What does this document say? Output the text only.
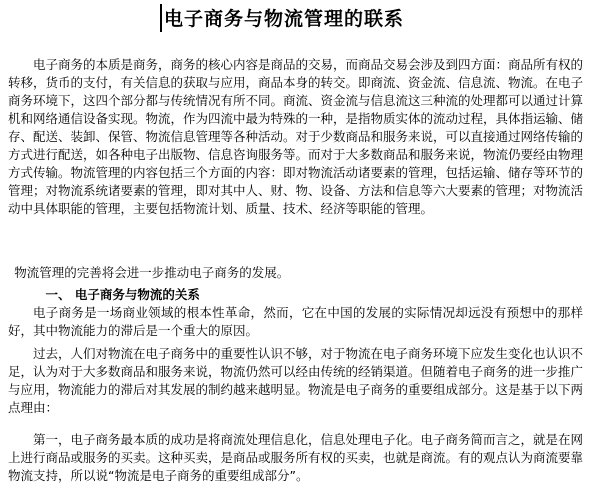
电子商务与物流管理的联系

电子商务的本质是商务，商务的核心内容是商品的交易，而商品交易会涉及到四方面：商品所有权的转移，货币的支付，有关信息的获取与应用，商品本身的转交。即商流、资金流、信息流、物流。在电子商务环境下，这四个部分都与传统情况有所不同。商流、资金流与信息流这三种流的处理都可以通过计算机和网络通信设备实现。物流，作为四流中最为特殊的一种，是指物质实体的流动过程，具体指运输、储存、配送、装卸、保管、物流信息管理等各种活动。对于少数商品和服务来说，可以直接通过网络传输的方式进行配送，如各种电子出版物、信息咨询服务等。而对于大多数商品和服务来说，物流仍要经由物理方式传输。物流管理的内容包括三个方面的内容：即对物流活动诸要素的管理，包括运输、储存等环节的管理；对物流系统诸要素的管理，即对其中人、财、物、设备、方法和信息等六大要素的管理；对物流活动中具体职能的管理，主要包括物流计划、质量、技术、经济等职能的管理。

物流管理的完善将会进一步推动电子商务的发展。
一、 电子商务与物流的关系

电子商务是一场商业领域的根本性革命，然而，它在中国的发展的实际情况却远没有预想中的那样好，其中物流能力的滞后是一个重大的原因。

过去，人们对物流在电子商务中的重要性认识不够，对于物流在电子商务环境下应发生变化也认识不足，认为对于大多数商品和服务来说，物流仍然可以经由传统的经销渠道。但随着电子商务的进一步推广与应用，物流能力的滞后对其发展的制约越来越明显。物流是电子商务的重要组成部分。这是基于以下两点理由：

第一，电子商务最本质的成功是将商流处理信息化，信息处理电子化。电子商务简而言之，就是在网上进行商品或服务的买卖。这种买卖，是商品或服务所有权的买卖，也就是商流。有的观点认为商流要靠物流支持，所以说“物流是电子商务的重要组成部分”。
